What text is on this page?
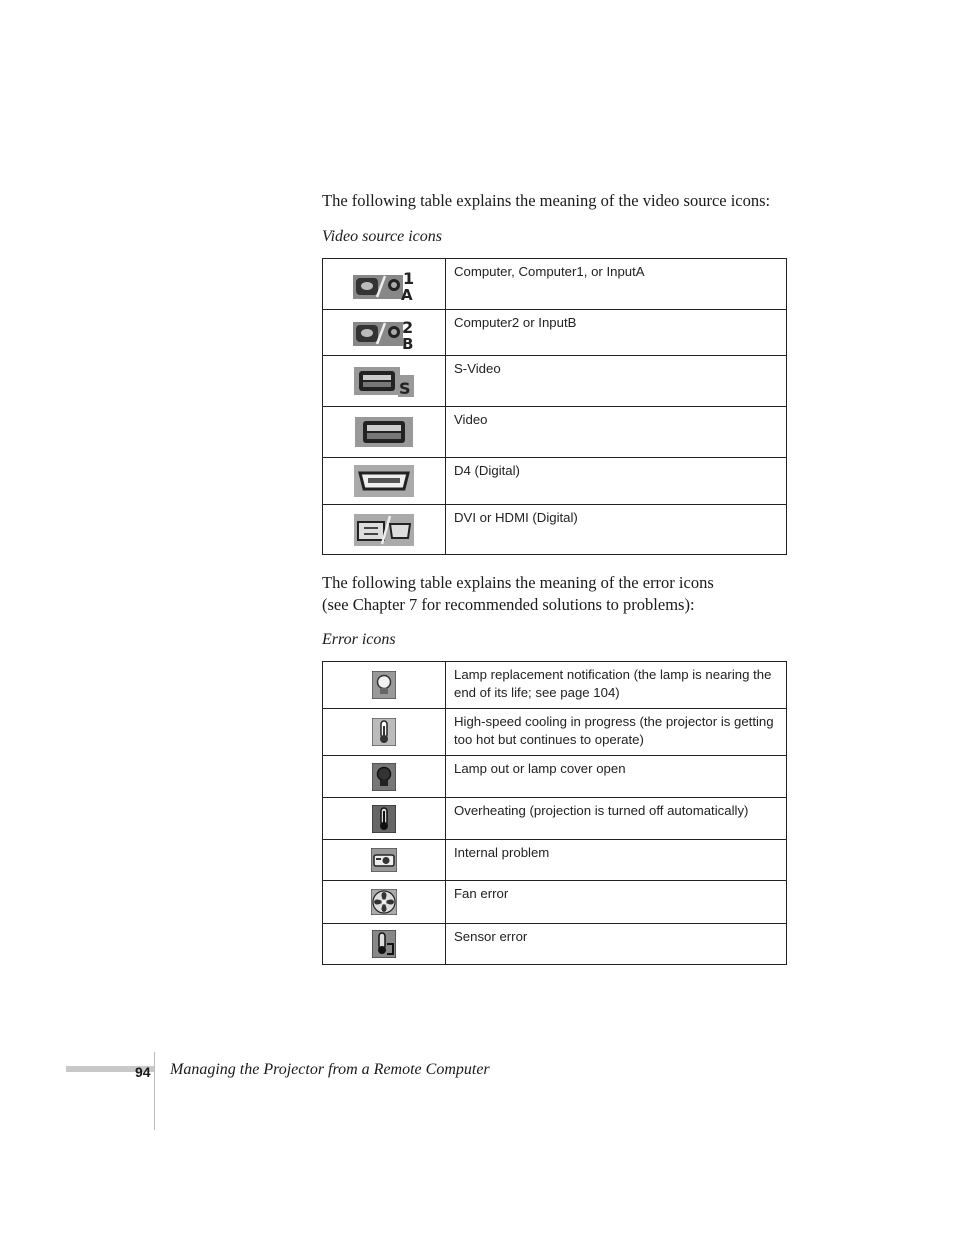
The following table explains the meaning of the video source icons:

Video source icons

1
A	Computer, Computer1, or InputA

2
B	Computer2 or InputB

S	S-Video

	Video

	D4 (Digital)

	DVI or HDMI (Digital)

The following table explains the meaning of the error icons
(see Chapter 7 for recommended solutions to problems):

Error icons

	Lamp replacement notification (the lamp is nearing the end of its life; see page 104)

	High-speed cooling in progress (the projector is getting too hot but continues to operate)

	Lamp out or lamp cover open

	Overheating (projection is turned off automatically)

	Internal problem

	Fan error

	Sensor error
94 Managing the Projector from a Remote Computer
